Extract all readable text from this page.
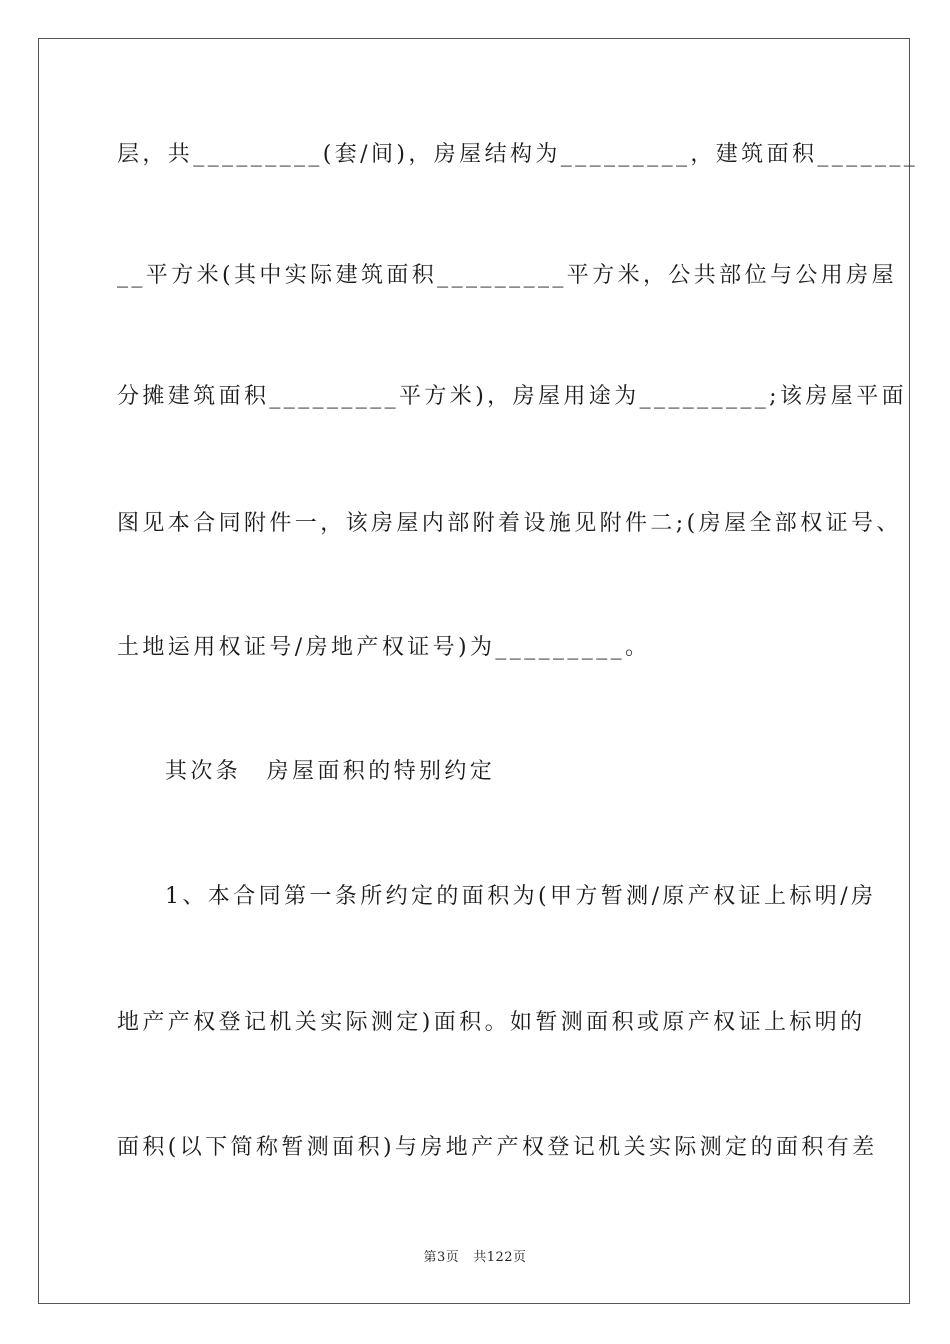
层，共_________(套/间)，房屋结构为_________，建筑面积_______
__平方米(其中实际建筑面积_________平方米，公共部位与公用房屋
分摊建筑面积_________平方米)，房屋用途为_________;该房屋平面
图见本合同附件一，该房屋内部附着设施见附件二;(房屋全部权证号、
土地运用权证号/房地产权证号)为_________。
其次条　房屋面积的特别约定
1、本合同第一条所约定的面积为(甲方暂测/原产权证上标明/房
地产产权登记机关实际测定)面积。如暂测面积或原产权证上标明的
面积(以下简称暂测面积)与房地产产权登记机关实际测定的面积有差
第3页 共122页
